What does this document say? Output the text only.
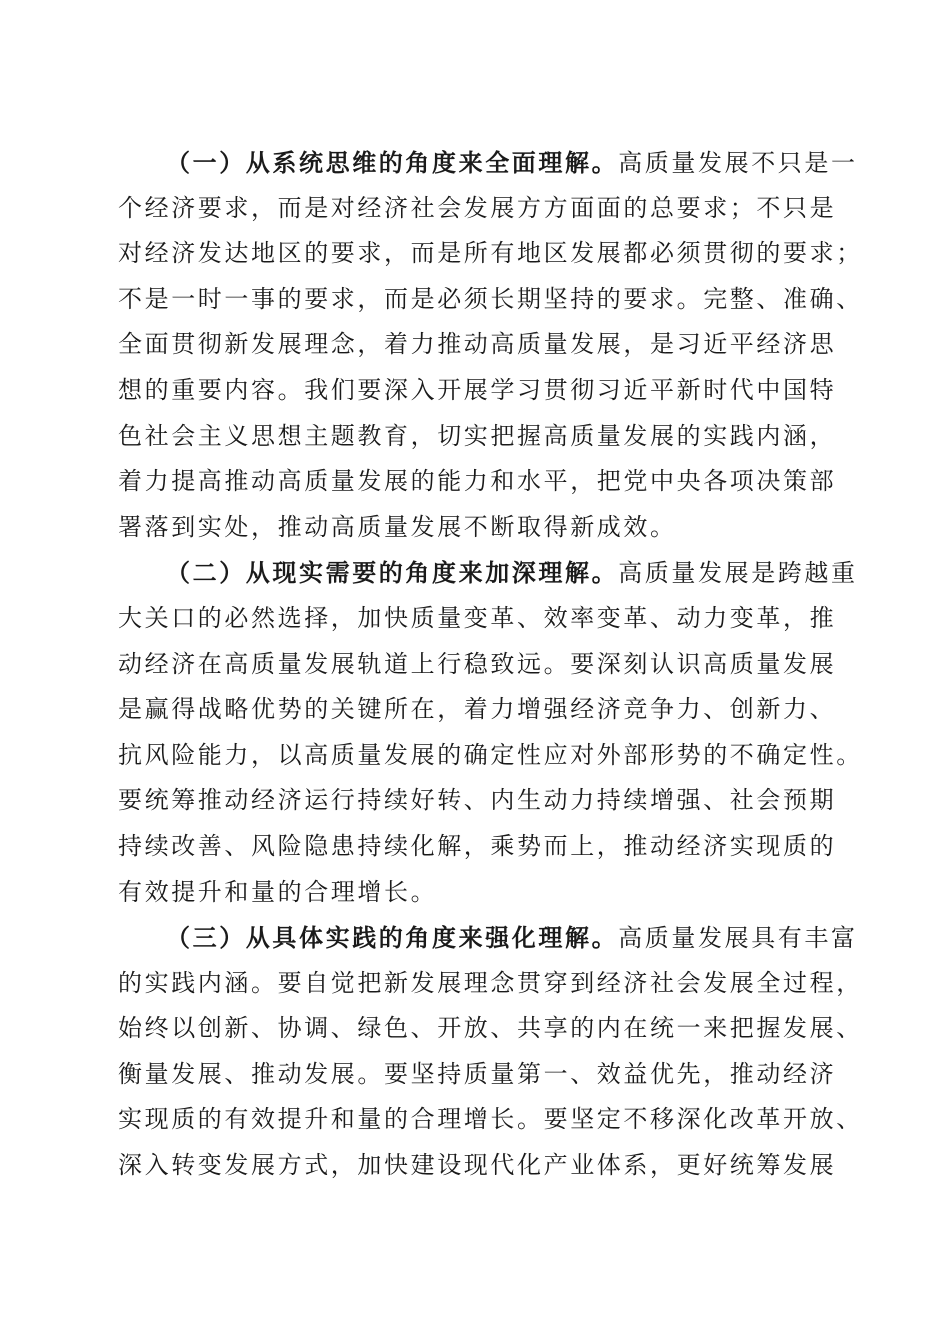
（一）从系统思维的角度来全面理解。高质量发展不只是一
个经济要求，而是对经济社会发展方方面面的总要求；不只是
对经济发达地区的要求，而是所有地区发展都必须贯彻的要求；
不是一时一事的要求，而是必须长期坚持的要求。完整、准确、
全面贯彻新发展理念，着力推动高质量发展，是习近平经济思
想的重要内容。我们要深入开展学习贯彻习近平新时代中国特
色社会主义思想主题教育，切实把握高质量发展的实践内涵，
着力提高推动高质量发展的能力和水平，把党中央各项决策部
署落到实处，推动高质量发展不断取得新成效。
（二）从现实需要的角度来加深理解。高质量发展是跨越重
大关口的必然选择，加快质量变革、效率变革、动力变革，推
动经济在高质量发展轨道上行稳致远。要深刻认识高质量发展
是赢得战略优势的关键所在，着力增强经济竞争力、创新力、
抗风险能力，以高质量发展的确定性应对外部形势的不确定性。
要统筹推动经济运行持续好转、内生动力持续增强、社会预期
持续改善、风险隐患持续化解，乘势而上，推动经济实现质的
有效提升和量的合理增长。
（三）从具体实践的角度来强化理解。高质量发展具有丰富
的实践内涵。要自觉把新发展理念贯穿到经济社会发展全过程，
始终以创新、协调、绿色、开放、共享的内在统一来把握发展、
衡量发展、推动发展。要坚持质量第一、效益优先，推动经济
实现质的有效提升和量的合理增长。要坚定不移深化改革开放、
深入转变发展方式，加快建设现代化产业体系，更好统筹发展
